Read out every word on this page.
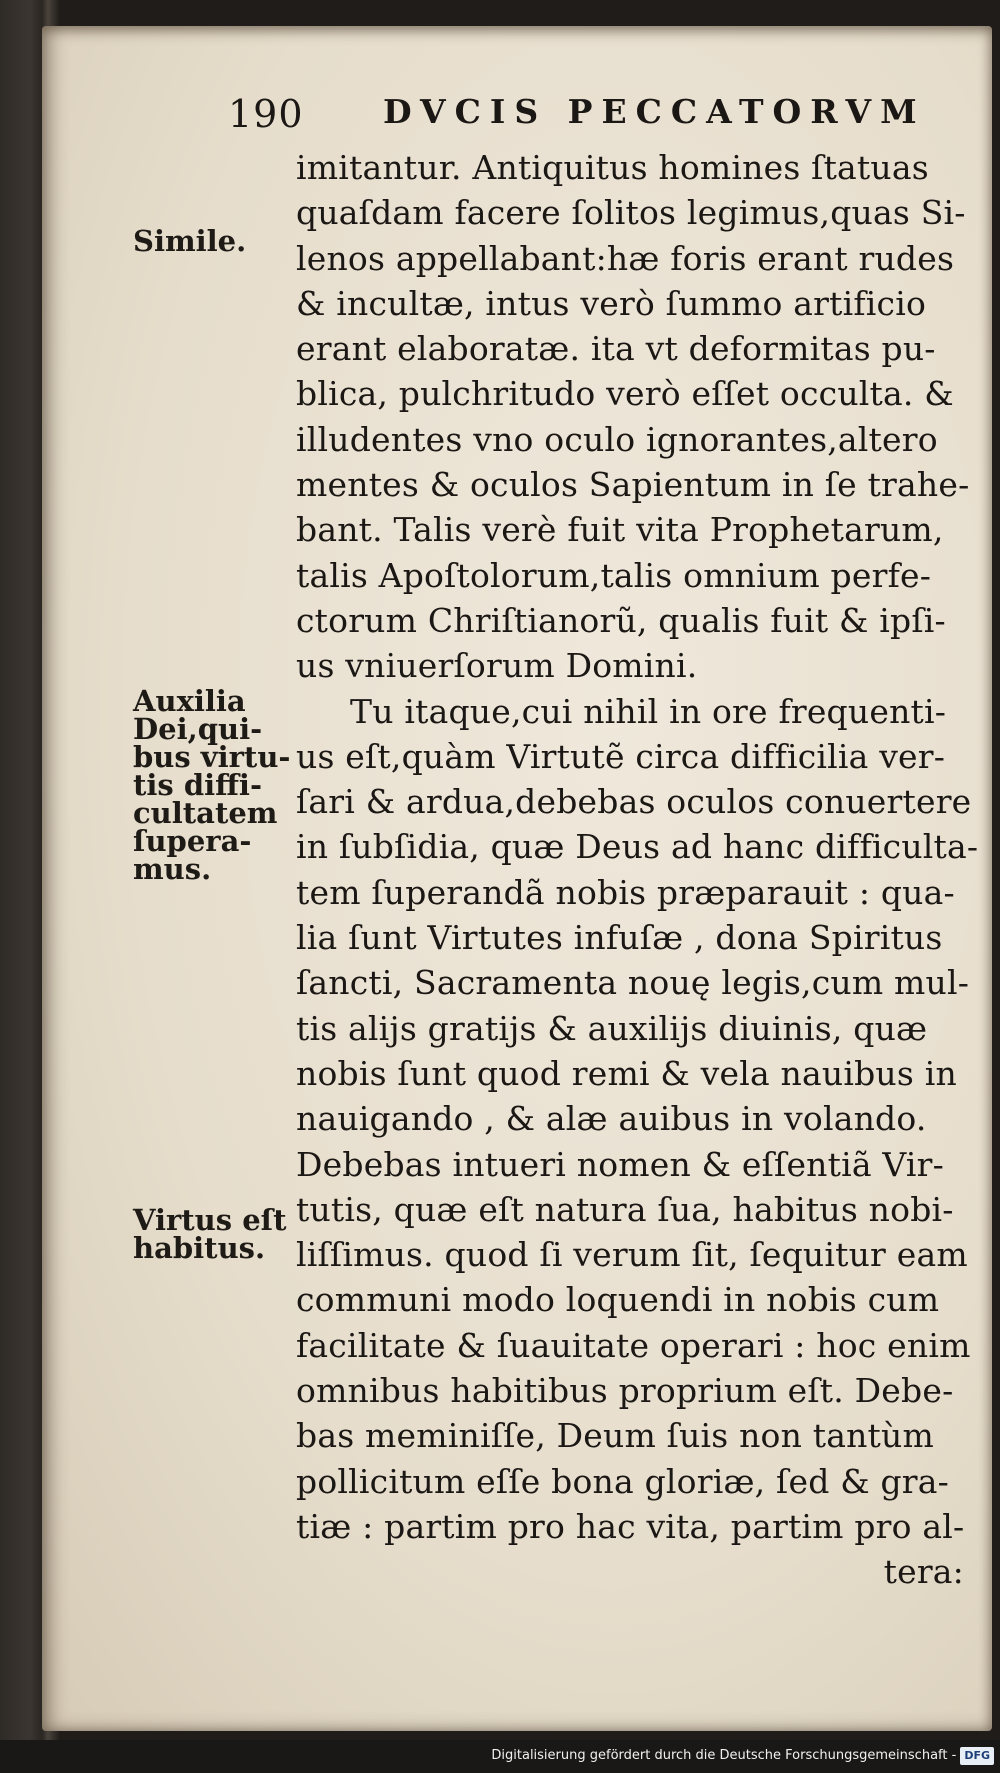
190 DVCIS PECCATORVM

Simile.

Auxilia
Dei,qui-
bus virtu-
tis diffi-
cultatem
ſupera-
mus.

Virtus eſt
habitus.

imitantur. Antiquitus homines ſtatuas
quaſdam facere ſolitos legimus,quas Si-
lenos appellabant:hæ foris erant rudes
& incultæ, intus verò ſummo artificio
erant elaboratæ. ita vt deformitas pu-
blica, pulchritudo verò eſſet occulta. &
illudentes vno oculo ignorantes,altero
mentes & oculos Sapientum in ſe trahe-
bant. Talis verè fuit vita Prophetarum,
talis Apoſtolorum,talis omnium perfe-
ctorum Chriſtianorũ, qualis fuit & ipſi-
us vniuerſorum Domini.
Tu itaque,cui nihil in ore frequenti-
us eſt,quàm Virtutẽ circa difficilia ver-
ſari & ardua,debebas oculos conuertere
in ſubſidia, quæ Deus ad hanc difficulta-
tem ſuperandã nobis præparauit : qua-
lia ſunt Virtutes infuſæ , dona Spiritus
ſancti, Sacramenta nouę legis,cum mul-
tis alijs gratijs & auxilijs diuinis, quæ
nobis ſunt quod remi & vela nauibus in
nauigando , & alæ auibus in volando.
Debebas intueri nomen & eſſentiã Vir-
tutis, quæ eſt natura ſua, habitus nobi-
liſſimus. quod ſi verum ſit, ſequitur eam
communi modo loquendi in nobis cum
facilitate & ſuauitate operari : hoc enim
omnibus habitibus proprium eſt. Debe-
bas meminiſſe, Deum ſuis non tantùm
pollicitum eſſe bona gloriæ, ſed & gra-
tiæ : partim pro hac vita, partim pro al-
tera:
Digitalisierung gefördert durch die Deutsche Forschungsgemeinschaft - DFG
